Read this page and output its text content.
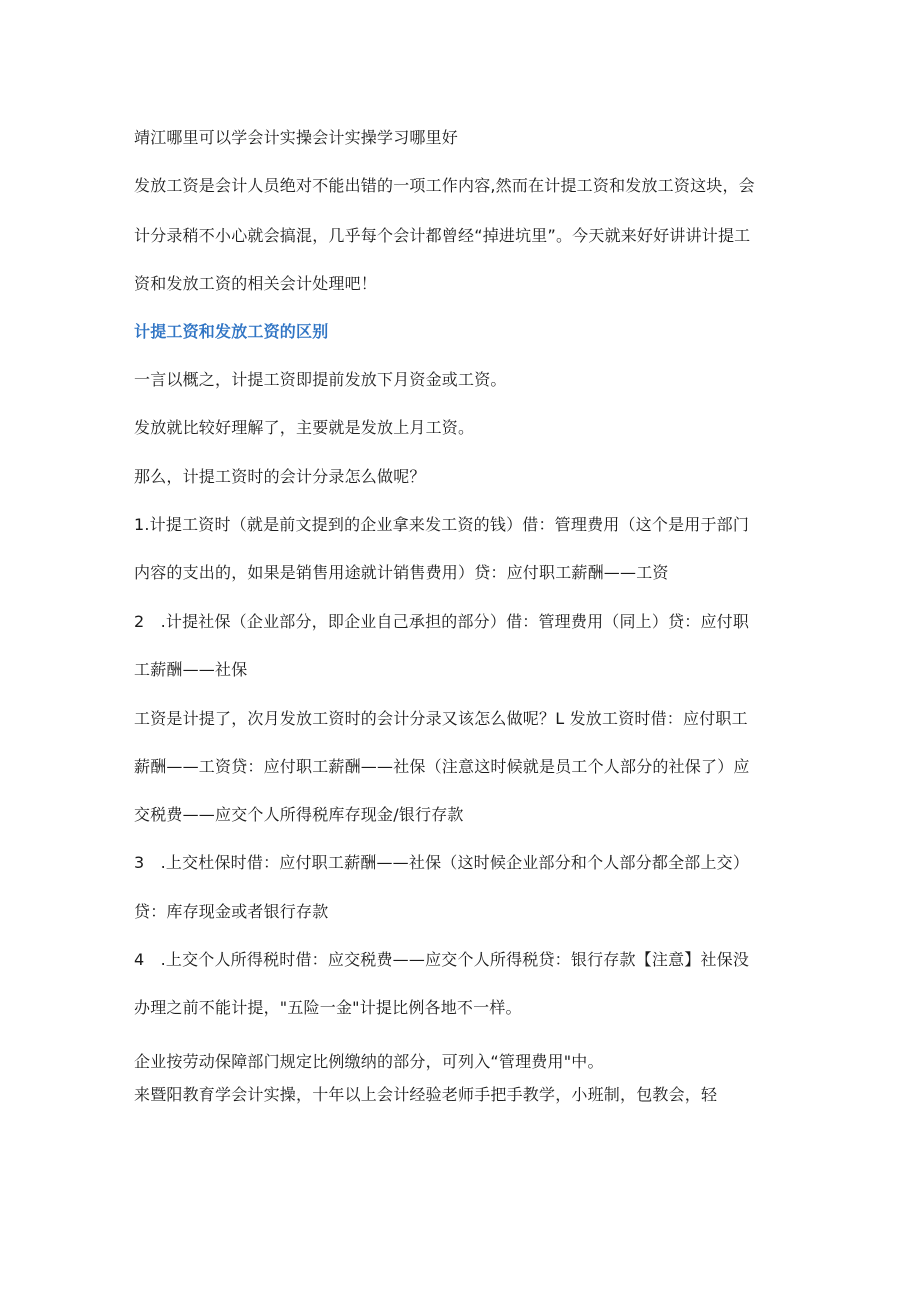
靖江哪里可以学会计实操会计实操学习哪里好
发放工资是会计人员绝对不能出错的一项工作内容,然而在计提工资和发放工资这块，会
计分录稍不小心就会搞混，几乎每个会计都曾经“掉进坑里”。今天就来好好讲讲计提工
资和发放工资的相关会计处理吧！
计提工资和发放工资的区别
一言以概之，计提工资即提前发放下月资金或工资。
发放就比较好理解了，主要就是发放上月工资。
那么，计提工资时的会计分录怎么做呢？
1.计提工资时（就是前文提到的企业拿来发工资的钱）借：管理费用（这个是用于部门
内容的支出的，如果是销售用途就计销售费用）贷：应付职工薪酬——工资
2　.计提社保（企业部分，即企业自己承担的部分）借：管理费用（同上）贷：应付职
工薪酬——社保
工资是计提了，次月发放工资时的会计分录又该怎么做呢？L 发放工资时借：应付职工
薪酬——工资贷：应付职工薪酬——社保（注意这时候就是员工个人部分的社保了）应
交税费——应交个人所得税库存现金/银行存款
3　.上交杜保时借：应付职工薪酬——社保（这时候企业部分和个人部分都全部上交）
贷：库存现金或者银行存款
4　.上交个人所得税时借：应交税费——应交个人所得税贷：银行存款【注意】社保没
办理之前不能计提，"五险一金"计提比例各地不一样。
企业按劳动保障部门规定比例缴纳的部分，可列入“管理费用"中。
来暨阳教育学会计实操，十年以上会计经验老师手把手教学，小班制，包教会，轻
